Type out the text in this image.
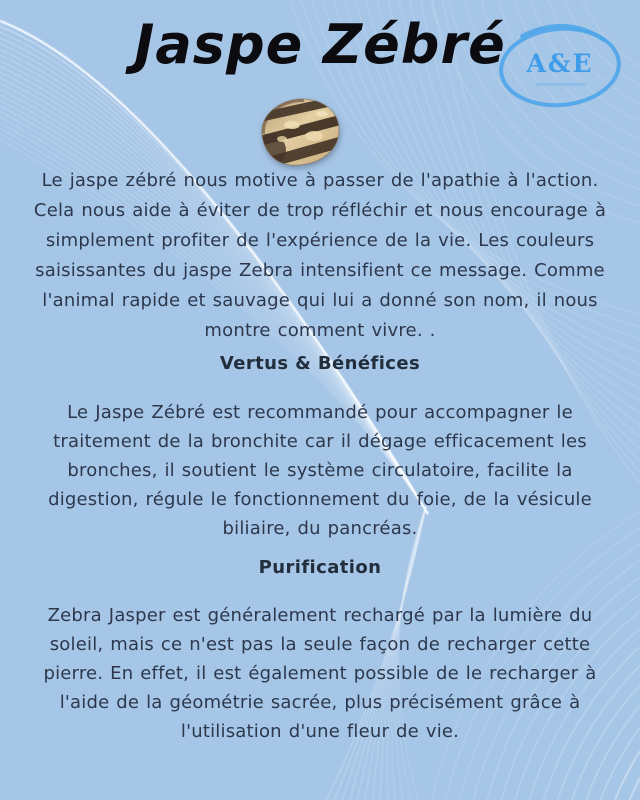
Jaspe Zébré A&E
Le jaspe zébré nous motive à passer de l'apathie à l'action.
Cela nous aide à éviter de trop réfléchir et nous encourage à
simplement profiter de l'expérience de la vie. Les couleurs
saisissantes du jaspe Zebra intensifient ce message. Comme
l'animal rapide et sauvage qui lui a donné son nom, il nous
montre comment vivre. .
Vertus & Bénéfices
Le Jaspe Zébré est recommandé pour accompagner le
traitement de la bronchite car il dégage efficacement les
bronches, il soutient le système circulatoire, facilite la
digestion, régule le fonctionnement du foie, de la vésicule
biliaire, du pancréas.
Purification
Zebra Jasper est généralement rechargé par la lumière du
soleil, mais ce n'est pas la seule façon de recharger cette
pierre. En effet, il est également possible de le recharger à
l'aide de la géométrie sacrée, plus précisément grâce à
l'utilisation d'une fleur de vie.
